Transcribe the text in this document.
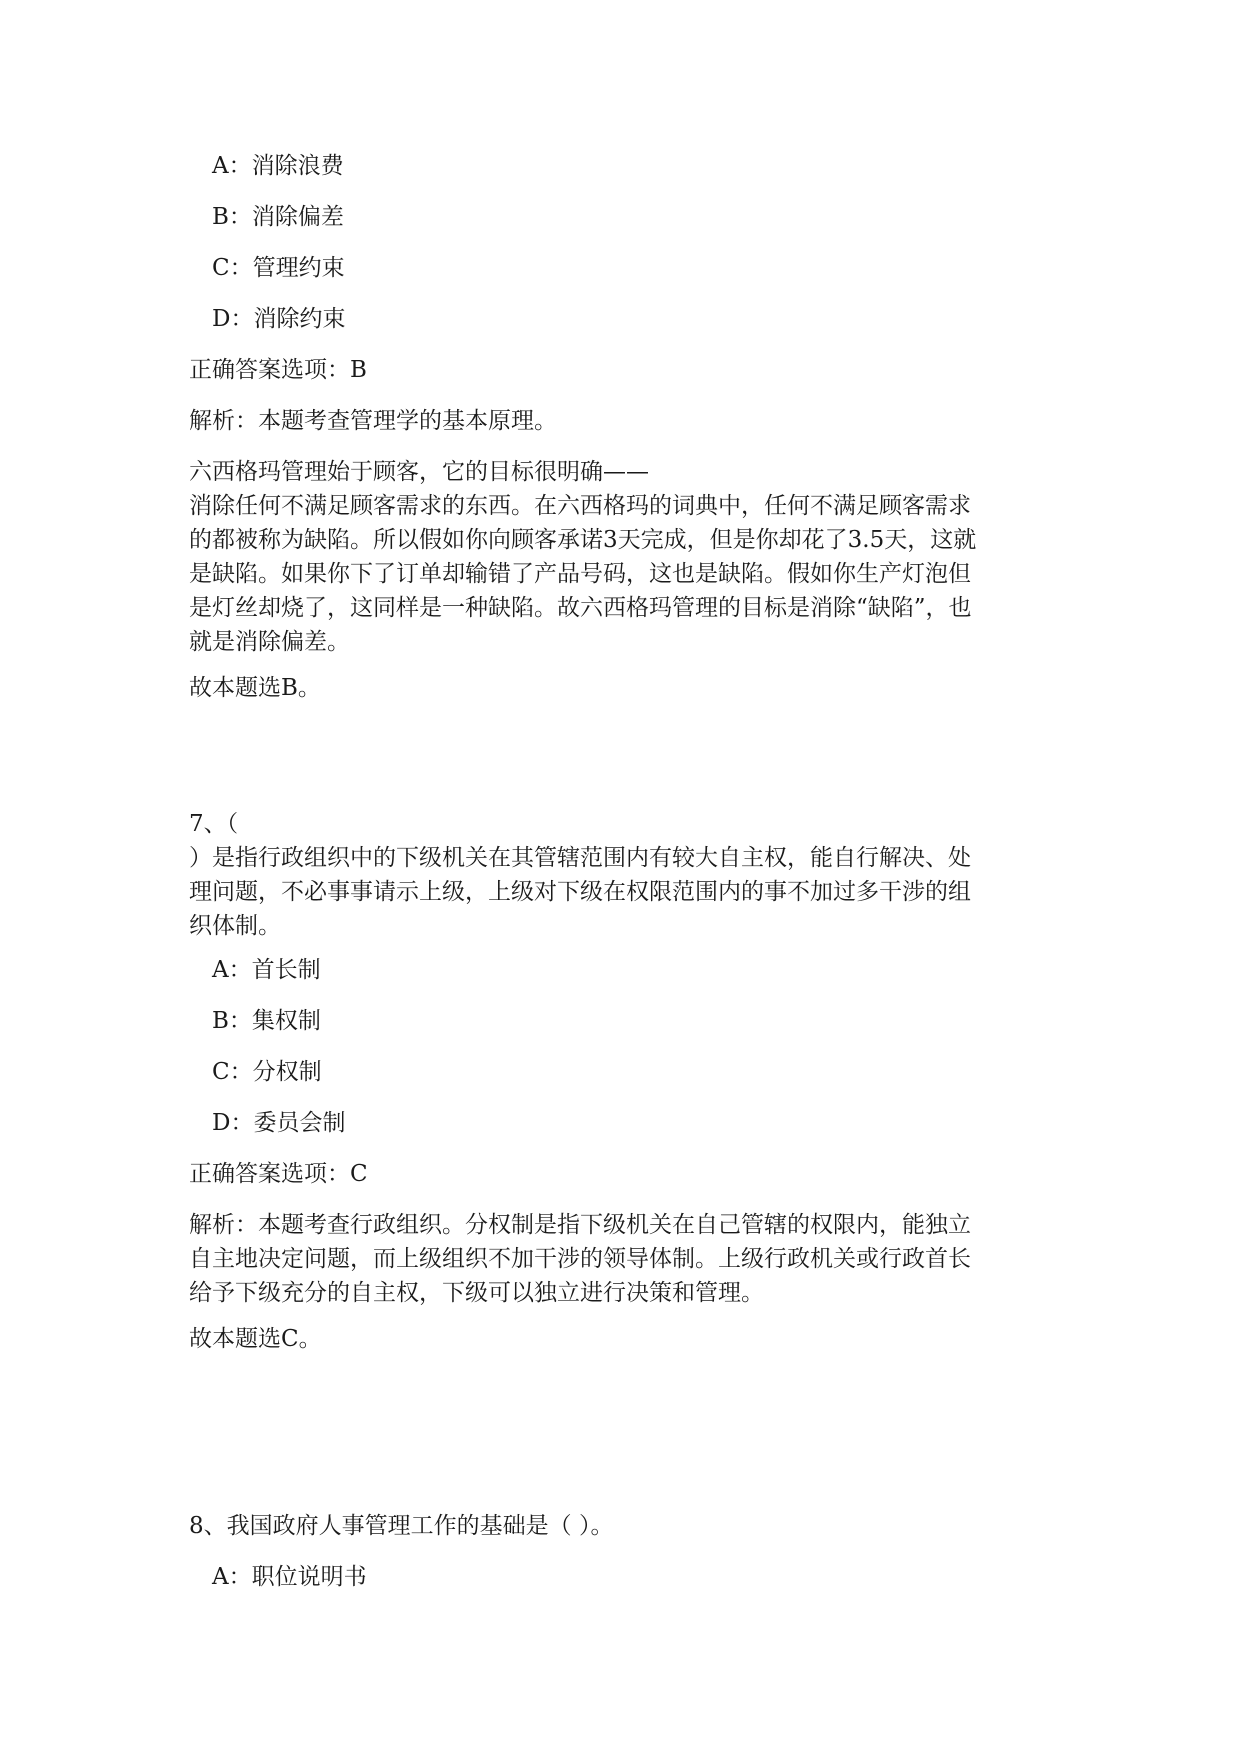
A：消除浪费
B：消除偏差
C：管理约束
D：消除约束
正确答案选项：B
解析：本题考查管理学的基本原理。
六西格玛管理始于顾客，它的目标很明确——
消除任何不满足顾客需求的东西。在六西格玛的词典中，任何不满足顾客需求
的都被称为缺陷。所以假如你向顾客承诺3天完成，但是你却花了3.5天，这就
是缺陷。如果你下了订单却输错了产品号码，这也是缺陷。假如你生产灯泡但
是灯丝却烧了，这同样是一种缺陷。故六西格玛管理的目标是消除“缺陷”，也
就是消除偏差。
故本题选B。
7、（
）是指行政组织中的下级机关在其管辖范围内有较大自主权，能自行解决、处
理问题，不必事事请示上级，上级对下级在权限范围内的事不加过多干涉的组
织体制。
A：首长制
B：集权制
C：分权制
D：委员会制
正确答案选项：C
解析：本题考查行政组织。分权制是指下级机关在自己管辖的权限内，能独立
自主地决定问题，而上级组织不加干涉的领导体制。上级行政机关或行政首长
给予下级充分的自主权，下级可以独立进行决策和管理。
故本题选C。
8、我国政府人事管理工作的基础是（ ）。
A：职位说明书
